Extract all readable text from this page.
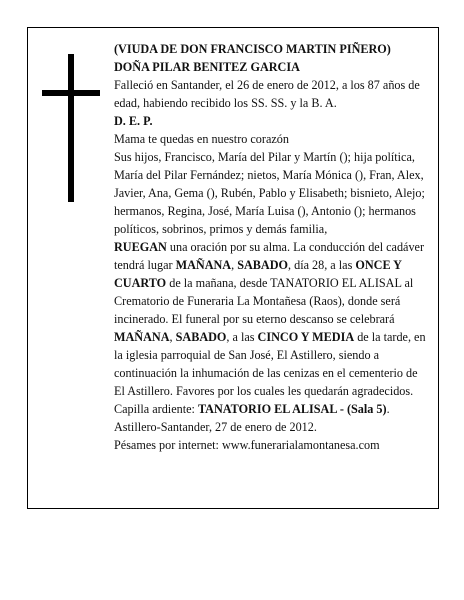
(VIUDA DE DON FRANCISCO MARTIN PIÑERO)

DOÑA PILAR BENITEZ GARCIA

Falleció en Santander, el 26 de enero de 2012, a los 87 años de edad, habiendo recibido los SS. SS. y la B. A.

D. E. P.

Mama te quedas en nuestro corazón

Sus hijos, Francisco, María del Pilar y Martín (); hija política, María del Pilar Fernández; nietos, María Mónica (), Fran, Alex, Javier, Ana, Gema (), Rubén, Pablo y Elisabeth; bisnieto, Alejo; hermanos, Regina, José, María Luisa (), Antonio (); hermanos políticos, sobrinos, primos y demás familia,

RUEGAN una oración por su alma. La conducción del cadáver tendrá lugar MAÑANA, SABADO, día 28, a las ONCE Y CUARTO de la mañana, desde TANATORIO EL ALISAL al Crematorio de Funeraria La Montañesa (Raos), donde será incinerado. El funeral por su eterno descanso se celebrará MAÑANA, SABADO, a las CINCO Y MEDIA de la tarde, en la iglesia parroquial de San José, El Astillero, siendo a continuación la inhumación de las cenizas en el cementerio de El Astillero. Favores por los cuales les quedarán agradecidos. Capilla ardiente: TANATORIO EL ALISAL - (Sala 5).

Astillero-Santander, 27 de enero de 2012.

Pésames por internet: www.funerarialamontanesa.com
